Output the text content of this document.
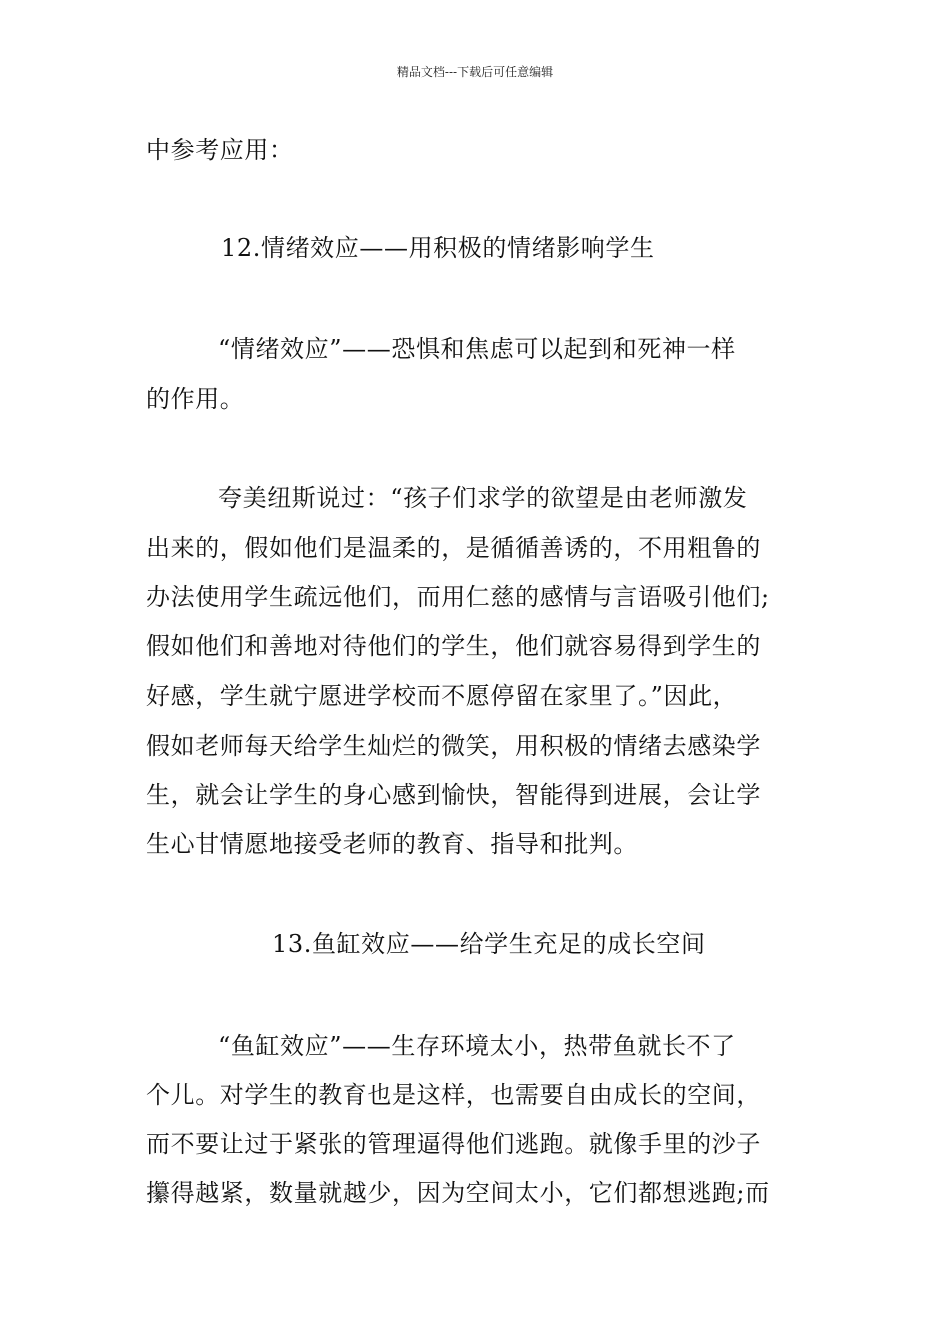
精品文档---下载后可任意编辑
中参考应用：
12.情绪效应——用积极的情绪影响学生
“情绪效应”——恐惧和焦虑可以起到和死神一样
的作用。
夸美纽斯说过：“孩子们求学的欲望是由老师激发
出来的，假如他们是温柔的，是循循善诱的，不用粗鲁的
办法使用学生疏远他们，而用仁慈的感情与言语吸引他们;
假如他们和善地对待他们的学生，他们就容易得到学生的
好感，学生就宁愿进学校而不愿停留在家里了。”因此，
假如老师每天给学生灿烂的微笑，用积极的情绪去感染学
生，就会让学生的身心感到愉快，智能得到进展，会让学
生心甘情愿地接受老师的教育、指导和批判。
13.鱼缸效应——给学生充足的成长空间
“鱼缸效应”——生存环境太小，热带鱼就长不了
个儿。对学生的教育也是这样，也需要自由成长的空间，
而不要让过于紧张的管理逼得他们逃跑。就像手里的沙子
攥得越紧，数量就越少，因为空间太小，它们都想逃跑;而
